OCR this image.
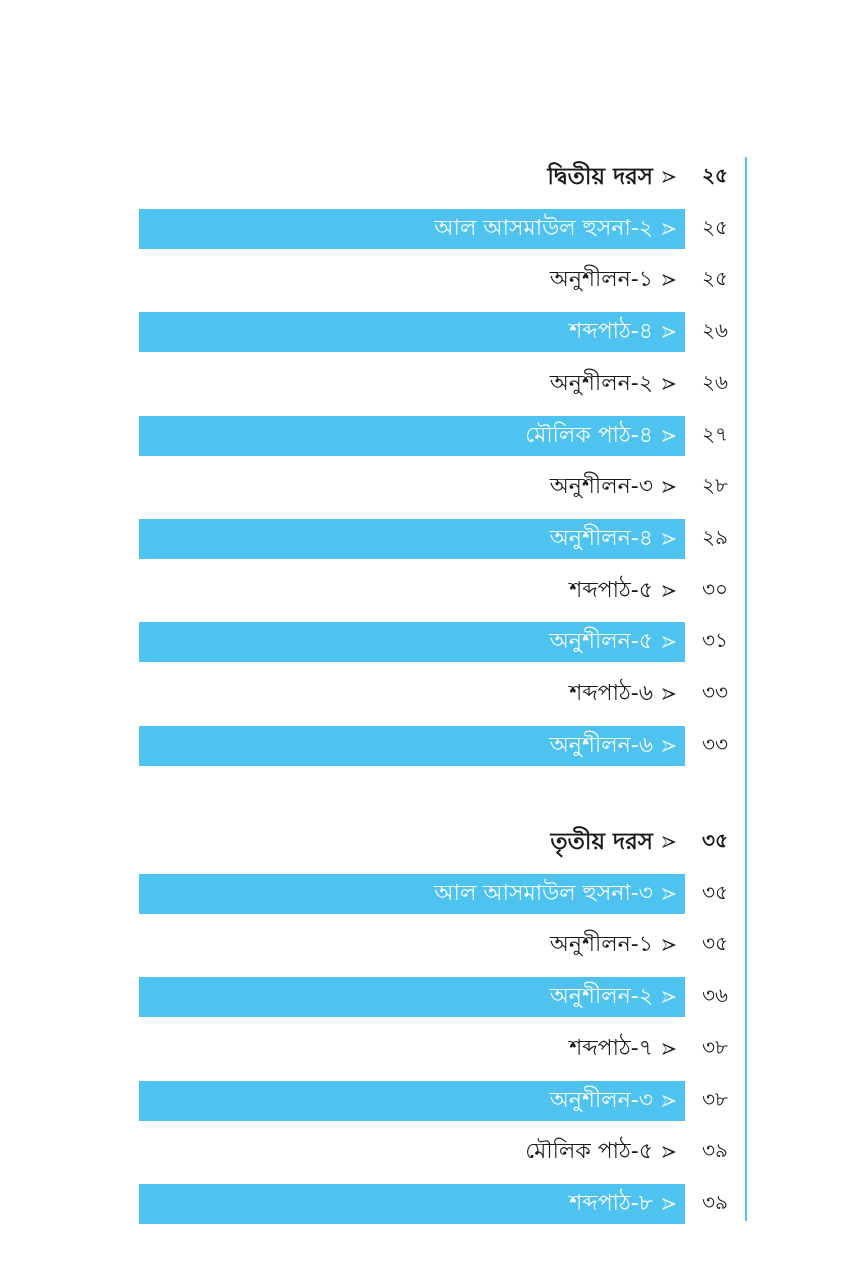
দ্বিতীয় দরস	২৫
আল আসমাউল হুসনা-২	২৫
অনুশীলন-১	২৫
শব্দপাঠ-৪	২৬
অনুশীলন-২	২৬
মৌলিক পাঠ-৪	২৭
অনুশীলন-৩	২৮
অনুশীলন-৪	২৯
শব্দপাঠ-৫	৩০
অনুশীলন-৫	৩১
শব্দপাঠ-৬	৩৩
অনুশীলন-৬	৩৩
তৃতীয় দরস	৩৫
আল আসমাউল হুসনা-৩	৩৫
অনুশীলন-১	৩৫
অনুশীলন-২	৩৬
শব্দপাঠ-৭	৩৮
অনুশীলন-৩	৩৮
মৌলিক পাঠ-৫	৩৯
শব্দপাঠ-৮	৩৯
